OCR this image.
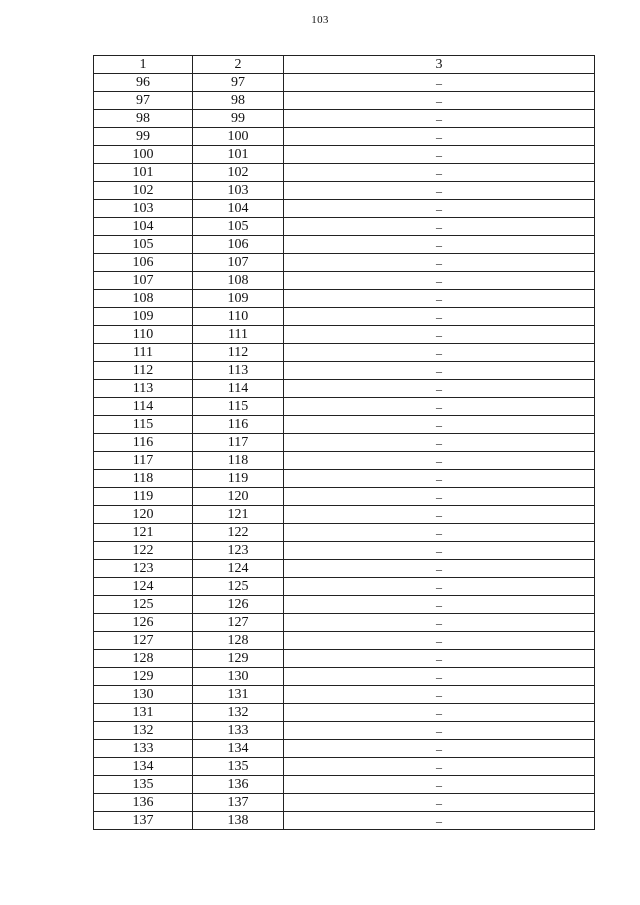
103
1	2	3
96	97	–
97	98	–
98	99	–
99	100	–
100	101	–
101	102	–
102	103	–
103	104	–
104	105	–
105	106	–
106	107	–
107	108	–
108	109	–
109	110	–
110	111	–
111	112	–
112	113	–
113	114	–
114	115	–
115	116	–
116	117	–
117	118	–
118	119	–
119	120	–
120	121	–
121	122	–
122	123	–
123	124	–
124	125	–
125	126	–
126	127	–
127	128	–
128	129	–
129	130	–
130	131	–
131	132	–
132	133	–
133	134	–
134	135	–
135	136	–
136	137	–
137	138	–
